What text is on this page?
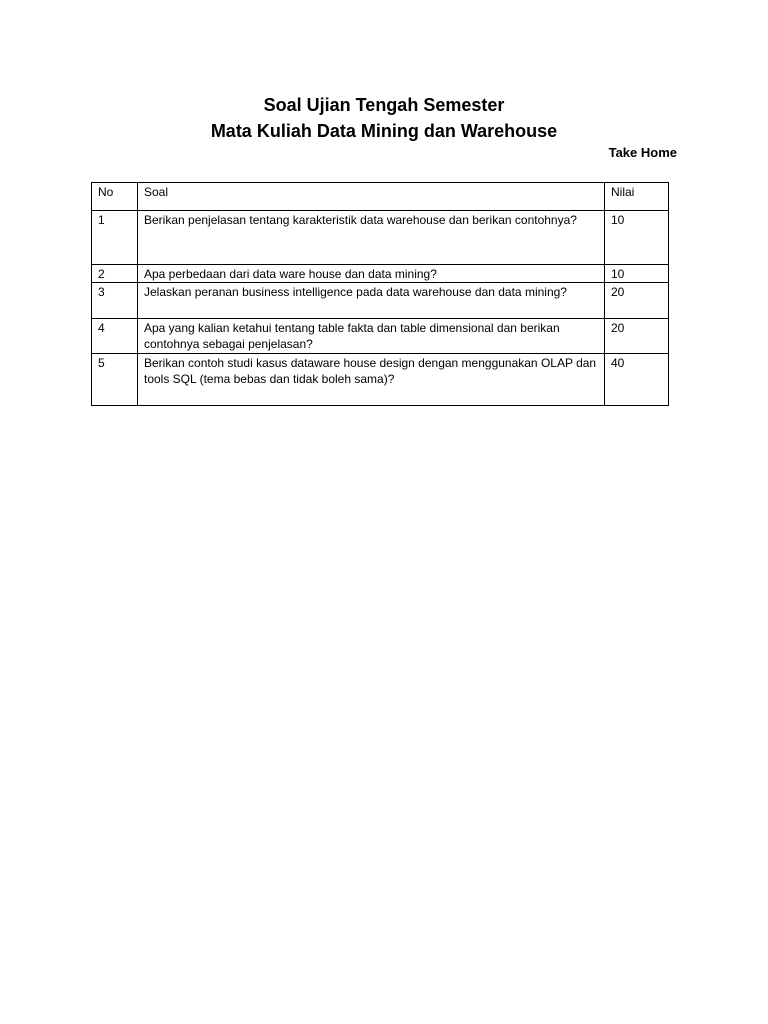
Soal Ujian Tengah Semester
Mata Kuliah Data Mining dan Warehouse
Take Home
No	Soal	Nilai
1	Berikan penjelasan tentang karakteristik data warehouse dan berikan contohnya?	10
2	Apa perbedaan dari data ware house dan data mining?	10
3	Jelaskan peranan business intelligence pada data warehouse dan data mining?	20
4	Apa yang kalian ketahui tentang table fakta dan table dimensional dan berikan contohnya sebagai penjelasan?	20
5	Berikan contoh studi kasus dataware house design dengan menggunakan OLAP dan tools SQL (tema bebas dan tidak boleh sama)?	40
